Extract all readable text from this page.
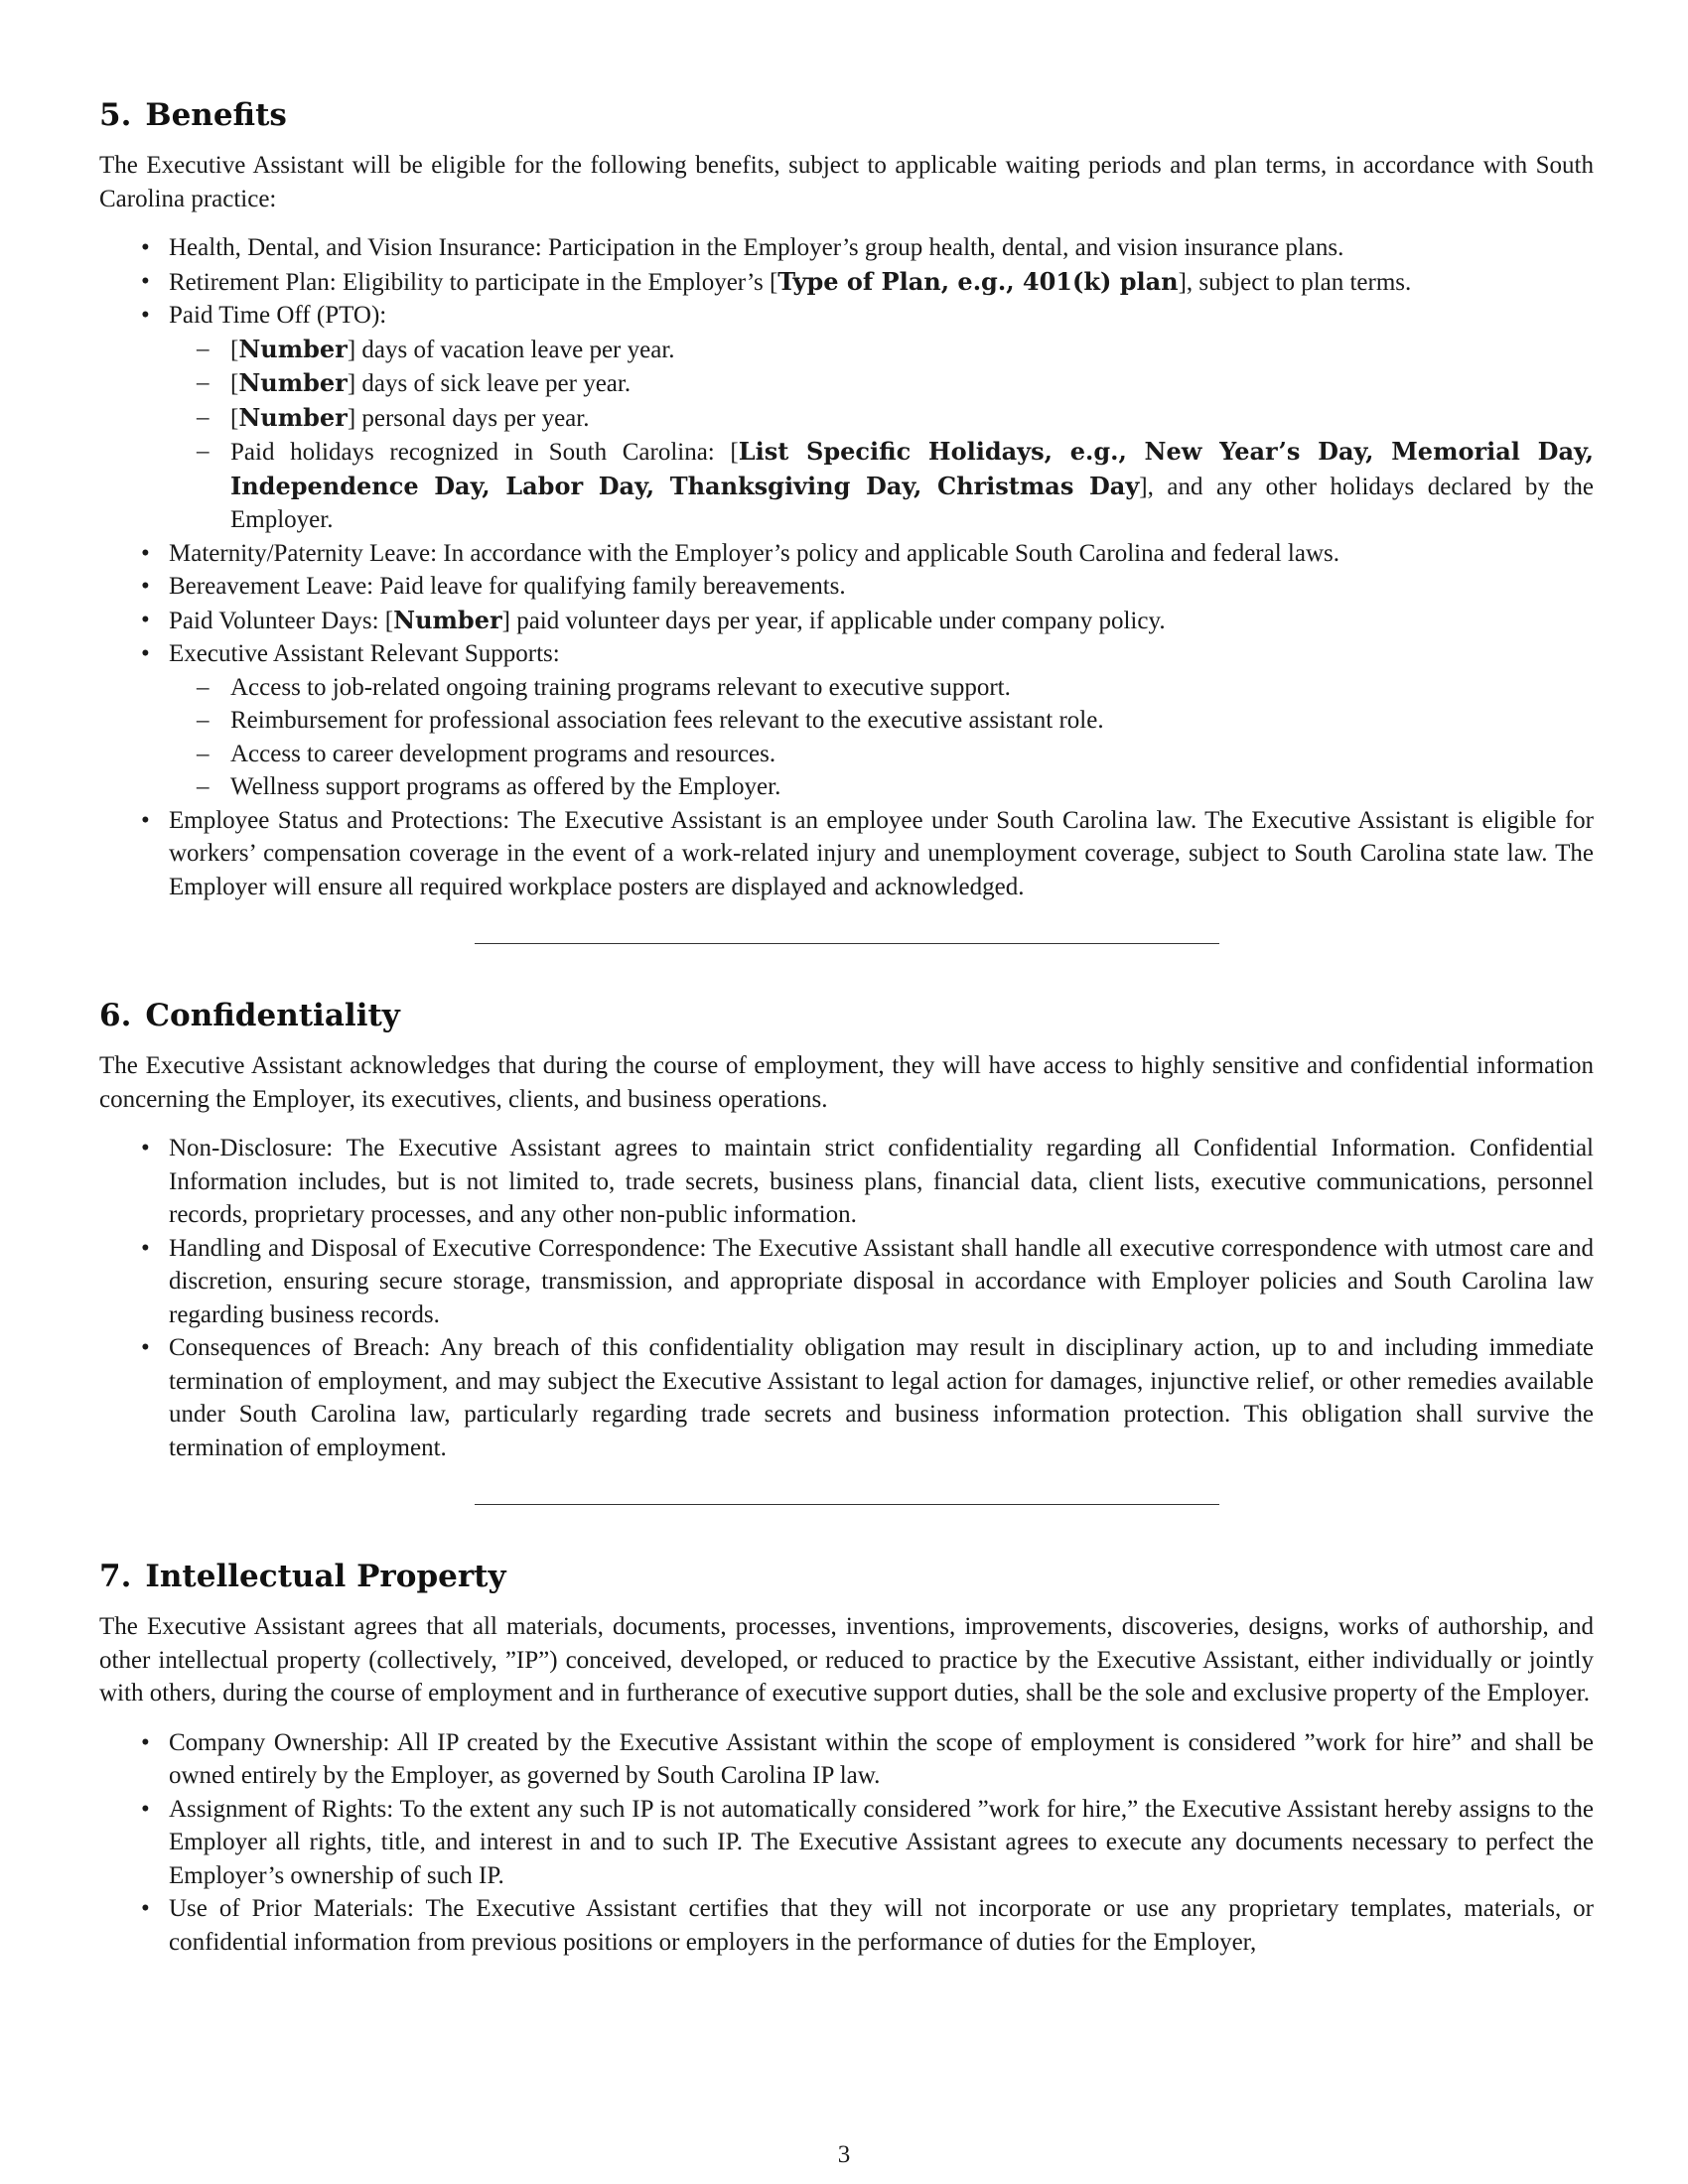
5. Benefits

The Executive Assistant will be eligible for the following benefits, subject to applicable waiting periods and plan terms, in accordance with South Carolina practice:

• Health, Dental, and Vision Insurance: Participation in the Employer’s group health, dental, and vision insurance plans.
• Retirement Plan: Eligibility to participate in the Employer’s [Type of Plan, e.g., 401(k) plan], subject to plan terms.
• Paid Time Off (PTO):
– [Number] days of vacation leave per year.
– [Number] days of sick leave per year.
– [Number] personal days per year.
– Paid holidays recognized in South Carolina: [List Specific Holidays, e.g., New Year’s Day, Memorial Day, Independence Day, Labor Day, Thanksgiving Day, Christmas Day], and any other holidays declared by the Employer.
• Maternity/Paternity Leave: In accordance with the Employer’s policy and applicable South Carolina and federal laws.
• Bereavement Leave: Paid leave for qualifying family bereavements.
• Paid Volunteer Days: [Number] paid volunteer days per year, if applicable under company policy.
• Executive Assistant Relevant Supports:
– Access to job-related ongoing training programs relevant to executive support.
– Reimbursement for professional association fees relevant to the executive assistant role.
– Access to career development programs and resources.
– Wellness support programs as offered by the Employer.
• Employee Status and Protections: The Executive Assistant is an employee under South Carolina law. The Executive Assistant is eligible for workers’ compensation coverage in the event of a work-related injury and unemployment coverage, subject to South Carolina state law. The Employer will ensure all required workplace posters are displayed and acknowledged.
6. Confidentiality

The Executive Assistant acknowledges that during the course of employment, they will have access to highly sensitive and confidential information concerning the Employer, its executives, clients, and business operations.

• Non-Disclosure: The Executive Assistant agrees to maintain strict confidentiality regarding all Confidential Information. Confidential Information includes, but is not limited to, trade secrets, business plans, financial data, client lists, executive communications, personnel records, proprietary processes, and any other non-public information.
• Handling and Disposal of Executive Correspondence: The Executive Assistant shall handle all executive correspondence with utmost care and discretion, ensuring secure storage, transmission, and appropriate disposal in accordance with Employer policies and South Carolina law regarding business records.
• Consequences of Breach: Any breach of this confidentiality obligation may result in disciplinary action, up to and including immediate termination of employment, and may subject the Executive Assistant to legal action for damages, injunctive relief, or other remedies available under South Carolina law, particularly regarding trade secrets and business information protection. This obligation shall survive the termination of employment.
7. Intellectual Property

The Executive Assistant agrees that all materials, documents, processes, inventions, improvements, discoveries, designs, works of authorship, and other intellectual property (collectively, ”IP”) conceived, developed, or reduced to practice by the Executive Assistant, either individually or jointly with others, during the course of employment and in furtherance of executive support duties, shall be the sole and exclusive property of the Employer.

• Company Ownership: All IP created by the Executive Assistant within the scope of employment is considered ”work for hire” and shall be owned entirely by the Employer, as governed by South Carolina IP law.
• Assignment of Rights: To the extent any such IP is not automatically considered ”work for hire,” the Executive Assistant hereby assigns to the Employer all rights, title, and interest in and to such IP. The Executive Assistant agrees to execute any documents necessary to perfect the Employer’s ownership of such IP.
• Use of Prior Materials: The Executive Assistant certifies that they will not incorporate or use any proprietary templates, materials, or confidential information from previous positions or employers in the performance of duties for the Employer,
3
